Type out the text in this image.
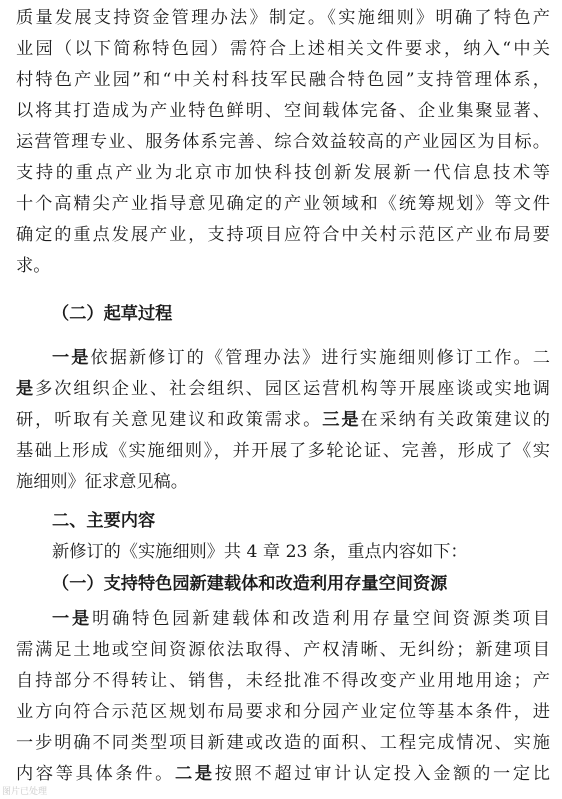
质量发展支持资金管理办法》制定。《实施细则》明确了特色产
业园（以下简称特色园）需符合上述相关文件要求，纳入“中关
村特色产业园”和“中关村科技军民融合特色园”支持管理体系，
以将其打造成为产业特色鲜明、空间载体完备、企业集聚显著、
运营管理专业、服务体系完善、综合效益较高的产业园区为目标。
支持的重点产业为北京市加快科技创新发展新一代信息技术等
十个高精尖产业指导意见确定的产业领域和《统筹规划》等文件
确定的重点发展产业，支持项目应符合中关村示范区产业布局要
求。
（二）起草过程
一是依据新修订的《管理办法》进行实施细则修订工作。二
是多次组织企业、社会组织、园区运营机构等开展座谈或实地调
研，听取有关意见建议和政策需求。三是在采纳有关政策建议的
基础上形成《实施细则》，并开展了多轮论证、完善，形成了《实
施细则》征求意见稿。
二、主要内容
新修订的《实施细则》共 4 章 23 条，重点内容如下：
（一）支持特色园新建载体和改造利用存量空间资源
一是明确特色园新建载体和改造利用存量空间资源类项目
需满足土地或空间资源依法取得、产权清晰、无纠纷；新建项目
自持部分不得转让、销售，未经批准不得改变产业用地用途；产
业方向符合示范区规划布局要求和分园产业定位等基本条件，进
一步明确不同类型项目新建或改造的面积、工程完成情况、实施
内容等具体条件。二是按照不超过审计认定投入金额的一定比
图片已处理
